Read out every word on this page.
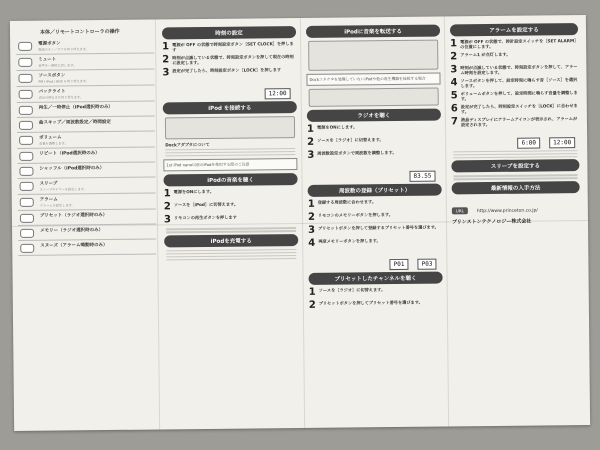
本体／リモートコントローラの操作
電源ボタン
電源のオン／オフを切り替えます。
ミュート
音声を一時的に消します。
ソースボタン
FM / iPod / AUX を切り替えます。
バックライト
表示の明るさを切り替えます。
再生／一時停止（iPod選択時のみ）
曲スキップ／周波数設定／時間設定
ボリューム
音量を調整します。
リピート（iPod選択時のみ）
シャッフル（iPod選択時のみ）
スリープ
スリープタイマーを設定します。
アラーム
アラームを設定します。
プリセット（ラジオ選択時のみ）
メモリー（ラジオ選択時のみ）
スヌーズ（アラーム鳴動時のみ）
時刻の設定
1 電源が OFF の状態で時刻設定ボタン［SET CLOCK］を押します
2 時刻が点滅している状態で、時刻設定ボタンを押して現在の時刻に設定します。
3 設定が完了したら、時刻設定ボタン［LOCK］を押します
12:00
iPod を接続する
Dockアダプタについて
1st iPod nano以前のiPodを使用する際のご注意
iPodの音楽を聴く
1 電源をONにします。
2 ソースを［iPod］に切替えます。
3 リモコンの再生ボタンを押します
iPodを充電する
iPodに音楽を転送する
Dockコネクタを装備していないiPodや他の再生機器を接続する場合
ラジオを聴く
1 電源をONにします。
2 ソースを［ラジオ］に切替えます。
3 周波数設定ボタンで周波数を調整します。
83.55
周波数の登録（プリセット）
1 登録する周波数に合わせます。
2 リモコンのメモリーボタンを押します。
3 プリセットボタンを押して登録するプリセット番号を選びます。
4 再度メモリーボタンを押します。
P01	P03
プリセットしたチャンネルを聴く
1 ソースを［ラジオ］に切替えます。
2 プリセットボタンを押してプリセット番号を選びます。
アラームを設定する
1 電源が OFF の状態で、時計設定スイッチを［SET ALARM］の位置にします。
2 アラーム1 が点灯します。
3 時刻が点滅している状態で、時刻設定ボタンを押して、アラーム時刻を設定します。
4 ソースボタンを押して、設定時刻に鳴らす音［ソース］を選択します。
5 ボリュームボタンを押して、設定時間に鳴らす音量を調整します。
6 設定が完了したら、時刻設定スイッチを［LOCK］に合わせます。
7 液晶ディスプレイにアラームアイコンが表示され、アラームが設定されます。
6:00	12:00
スリープを設定する
最新情報の入手方法
URL	http://www.princeton.co.jp/
プリンストンテクノロジー株式会社
